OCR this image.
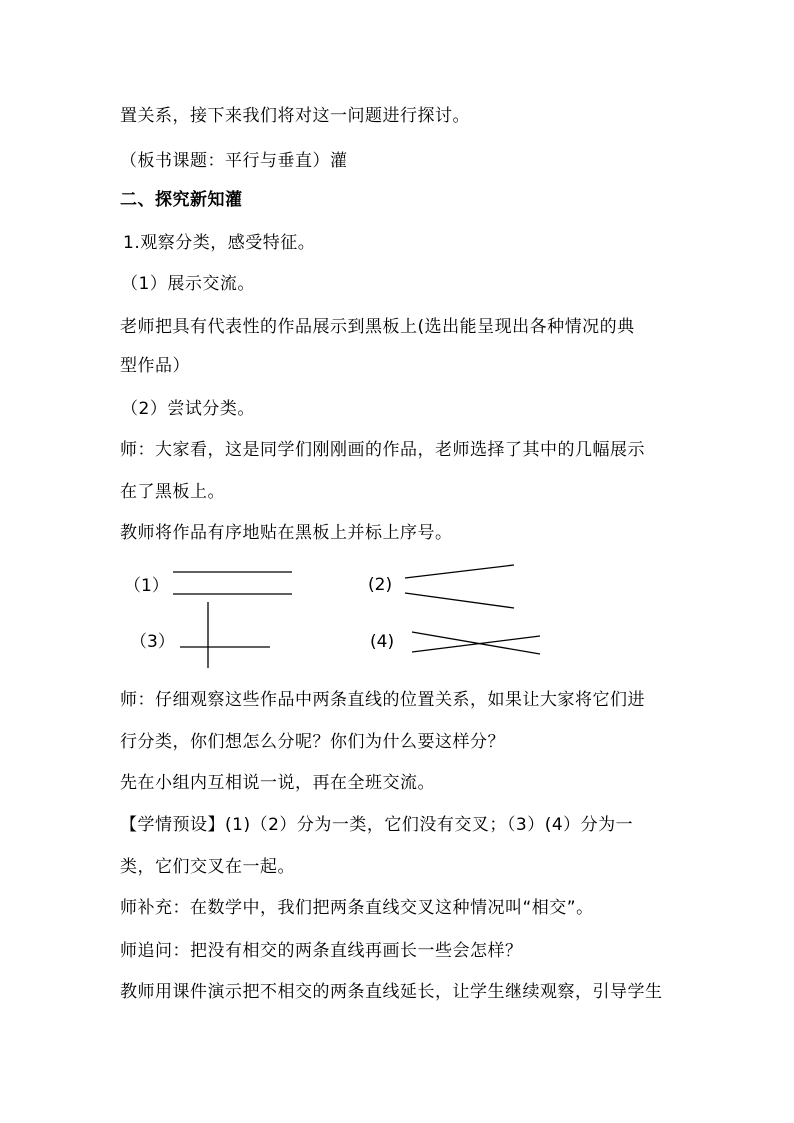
置关系，接下来我们将对这一问题进行探讨。
（板书课题：平行与垂直）灌
二、探究新知灌
1.观察分类，感受特征。
（1）展示交流。
老师把具有代表性的作品展示到黑板上(选出能呈现出各种情况的典
型作品）
（2）尝试分类。
师：大家看，这是同学们刚刚画的作品，老师选择了其中的几幅展示
在了黑板上。
教师将作品有序地贴在黑板上并标上序号。
（1）	(2)
（3）	(4)
师：仔细观察这些作品中两条直线的位置关系，如果让大家将它们进
行分类，你们想怎么分呢？你们为什么要这样分？
先在小组内互相说一说，再在全班交流。
【学情预设】(1)（2）分为一类，它们没有交叉；（3）(4）分为一
类，它们交叉在一起。
师补充：在数学中，我们把两条直线交叉这种情况叫“相交”。
师追问：把没有相交的两条直线再画长一些会怎样？
教师用课件演示把不相交的两条直线延长，让学生继续观察，引导学生
